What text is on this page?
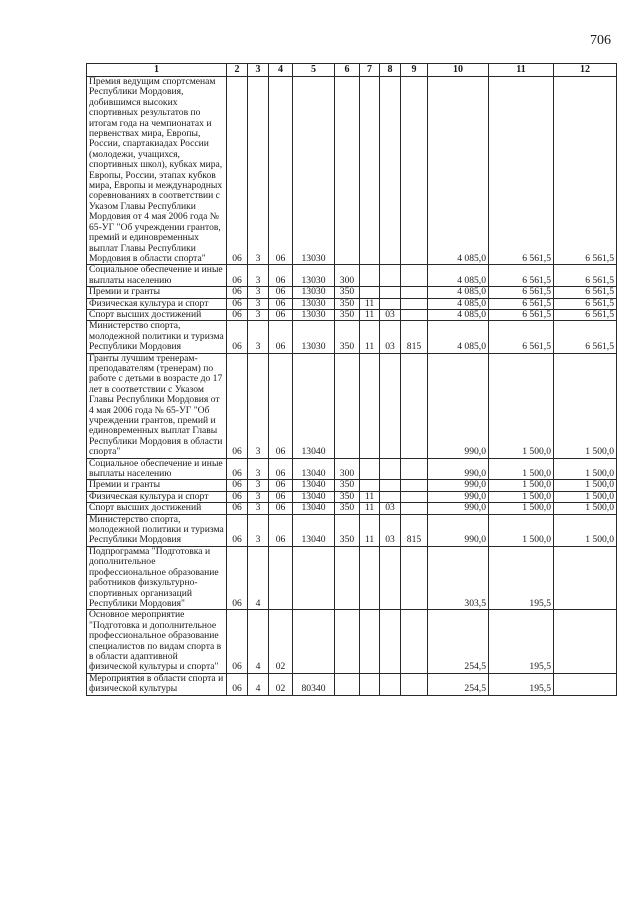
706
1	2	3	4	5	6	7	8	9	10	11	12
Премия ведущим спортсменам Республики Мордовия, добившимся высоких спортивных результатов по итогам года на чемпионатах и первенствах мира, Европы, России, спартакиадах России (молодежи, учащихся, спортивных школ), кубках мира, Европы, России, этапах кубков мира, Европы и международных соревнованиях в соответствии с Указом Главы Республики Мордовия от 4 мая 2006 года № 65-УГ "Об учреждении грантов, премий и единовременных выплат Главы Республики Мордовия в области спорта"	06	3	06	13030					4 085,0	6 561,5	6 561,5
Социальное обеспечение и иные выплаты населению	06	3	06	13030	300				4 085,0	6 561,5	6 561,5
Премии и гранты	06	3	06	13030	350				4 085,0	6 561,5	6 561,5
Физическая культура и спорт	06	3	06	13030	350	11			4 085,0	6 561,5	6 561,5
Спорт высших достижений	06	3	06	13030	350	11	03		4 085,0	6 561,5	6 561,5
Министерство спорта, молодежной политики и туризма Республики Мордовия	06	3	06	13030	350	11	03	815	4 085,0	6 561,5	6 561,5
Гранты лучшим тренерам-преподавателям (тренерам) по работе с детьми в возрасте до 17 лет в соответствии с Указом Главы Республики Мордовия от 4 мая 2006 года № 65-УГ "Об учреждении грантов, премий и единовременных выплат Главы Республики Мордовия в области спорта"	06	3	06	13040					990,0	1 500,0	1 500,0
Социальное обеспечение и иные выплаты населению	06	3	06	13040	300				990,0	1 500,0	1 500,0
Премии и гранты	06	3	06	13040	350				990,0	1 500,0	1 500,0
Физическая культура и спорт	06	3	06	13040	350	11			990,0	1 500,0	1 500,0
Спорт высших достижений	06	3	06	13040	350	11	03		990,0	1 500,0	1 500,0
Министерство спорта, молодежной политики и туризма Республики Мордовия	06	3	06	13040	350	11	03	815	990,0	1 500,0	1 500,0
Подпрограмма "Подготовка и дополнительное профессиональное образование работников физкультурно-спортивных организаций Республики Мордовия"	06	4							303,5	195,5	
Основное мероприятие "Подготовка и дополнительное профессиональное образование специалистов по видам спорта в в области адаптивной физической культуры и спорта"	06	4	02						254,5	195,5	
Мероприятия в области спорта и физической культуры	06	4	02	80340					254,5	195,5	
